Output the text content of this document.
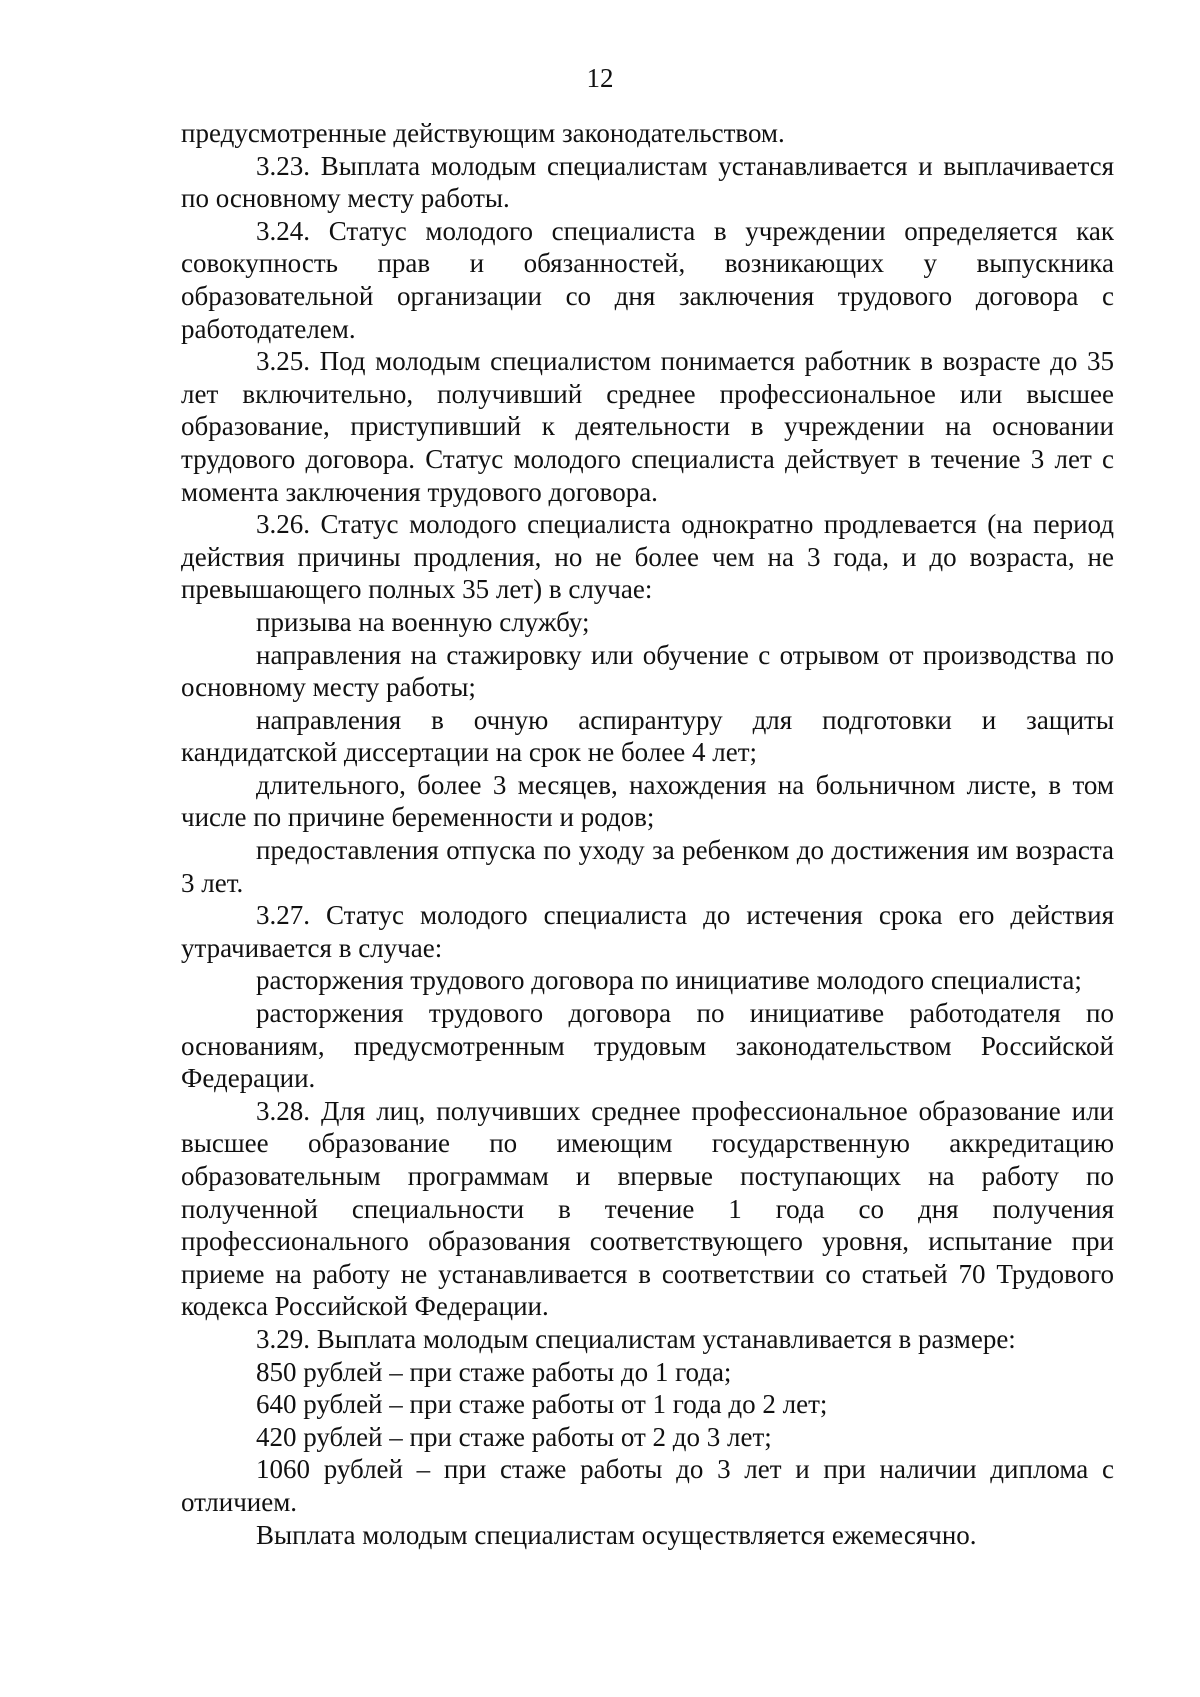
12

предусмотренные действующим законодательством.

3.23. Выплата молодым специалистам устанавливается и выплачивается по основному месту работы.

3.24. Статус молодого специалиста в учреждении определяется как совокупность прав и обязанностей, возникающих у выпускника образовательной организации со дня заключения трудового договора с работодателем.

3.25. Под молодым специалистом понимается работник в возрасте до 35 лет включительно, получивший среднее профессиональное или высшее образование, приступивший к деятельности в учреждении на основании трудового договора. Статус молодого специалиста действует в течение 3 лет с момента заключения трудового договора.

3.26. Статус молодого специалиста однократно продлевается (на период действия причины продления, но не более чем на 3 года, и до возраста, не превышающего полных 35 лет) в случае:

призыва на военную службу;

направления на стажировку или обучение с отрывом от производства по основному месту работы;

направления в очную аспирантуру для подготовки и защиты кандидатской диссертации на срок не более 4 лет;

длительного, более 3 месяцев, нахождения на больничном листе, в том числе по причине беременности и родов;

предоставления отпуска по уходу за ребенком до достижения им возраста 3 лет.

3.27. Статус молодого специалиста до истечения срока его действия утрачивается в случае:

расторжения трудового договора по инициативе молодого специалиста;

расторжения трудового договора по инициативе работодателя по основаниям, предусмотренным трудовым законодательством Российской Федерации.

3.28. Для лиц, получивших среднее профессиональное образование или высшее образование по имеющим государственную аккредитацию образовательным программам и впервые поступающих на работу по полученной специальности в течение 1 года со дня получения профессионального образования соответствующего уровня, испытание при приеме на работу не устанавливается в соответствии со статьей 70 Трудового кодекса Российской Федерации.

3.29. Выплата молодым специалистам устанавливается в размере:

850 рублей – при стаже работы до 1 года;

640 рублей – при стаже работы от 1 года до 2 лет;

420 рублей – при стаже работы от 2 до 3 лет;

1060 рублей – при стаже работы до 3 лет и при наличии диплома с отличием.

Выплата молодым специалистам осуществляется ежемесячно.
